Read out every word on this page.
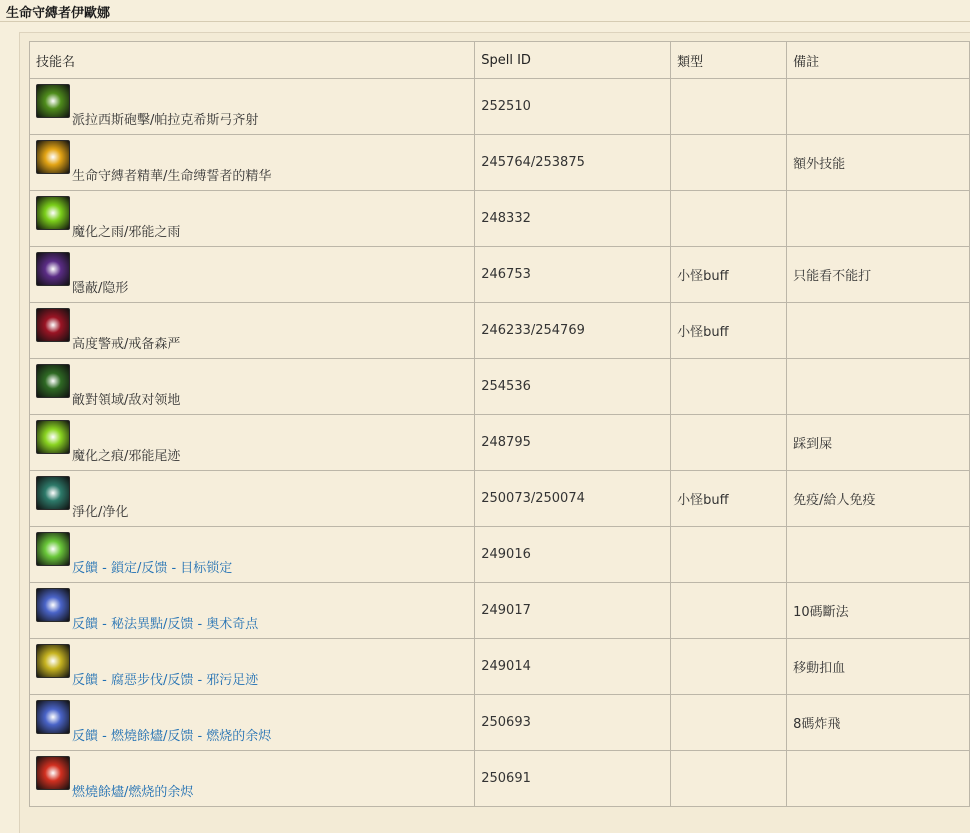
生命守縛者伊歐娜
技能名	Spell ID	類型	備註

派拉西斯砲擊/帕拉克希斯弓齐射	252510		

生命守縛者精華/生命缚誓者的精华	245764/253875		額外技能

魔化之雨/邪能之雨	248332		

隱蔽/隐形	246753	小怪buff	只能看不能打

高度警戒/戒备森严	246233/254769	小怪buff	

敵對領域/敌对领地	254536		

魔化之痕/邪能尾迹	248795		踩到屎

淨化/净化	250073/250074	小怪buff	免疫/給人免疫

反饋 - 鎖定/反馈 - 目标锁定	249016		

反饋 - 秘法異點/反馈 - 奥术奇点	249017		10碼斷法

反饋 - 腐惡步伐/反馈 - 邪污足迹	249014		移動扣血

反饋 - 燃燒餘燼/反馈 - 燃烧的余烬	250693		8碼炸飛

燃燒餘燼/燃烧的余烬	250691		
